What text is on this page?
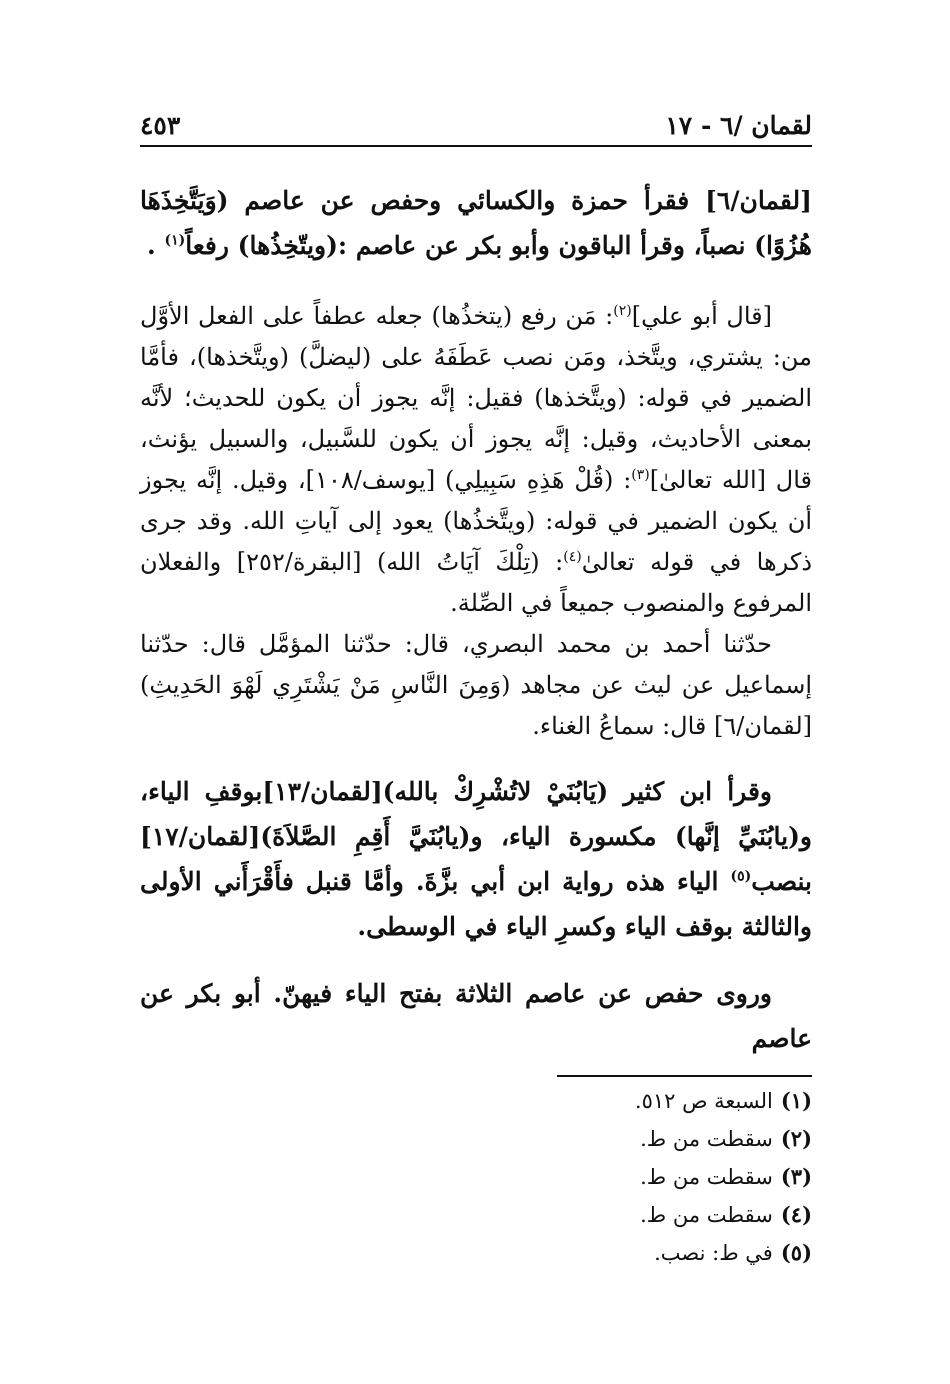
لقمان /٦ - ١٧
٤٥٣

[لقمان/٦] فقرأ حمزة والكسائي وحفص عن عاصم (وَيَتَّخِذَهَا هُزُوًا) نصباً، وقرأ الباقون وأبو بكر عن عاصم :(ويتّخِذُها) رفعاً$^{(١)}$ .

[قال أبو علي]$^{(٢)}$: مَن رفع (يتخذُها) جعله عطفاً على الفعل الأوَّل من: يشتري، ويتَّخذ، ومَن نصب عَطَفَهُ على (ليضلَّ) (ويتَّخذها)، فأمَّا الضمير في قوله: (ويتَّخذها) فقيل: إنَّه يجوز أن يكون للحديث؛ لأنَّه بمعنى الأحاديث، وقيل: إنَّه يجوز أن يكون للسَّبيل، والسبيل يؤنث، قال [الله تعالىٰ]$^{(٣)}$: (قُلْ هَذِهِ سَبِيلِي) [يوسف/١٠٨]، وقيل. إنَّه يجوز أن يكون الضمير في قوله: (ويتَّخذُها) يعود إلى آياتِ الله. وقد جرى ذكرها في قوله تعالىٰ$^{(٤)}$: (تِلْكَ آيَاتُ الله) [البقرة/٢٥٢] والفعلان المرفوع والمنصوب جميعاً في الصِّلة.

حدّثنا أحمد بن محمد البصري، قال: حدّثنا المؤمَّل قال: حدّثنا إسماعيل عن ليث عن مجاهد (وَمِنَ النَّاسِ مَنْ يَشْتَرِي لَهْوَ الحَدِيثِ) [لقمان/٦] قال: سماعُ الغناء.

وقرأ ابن كثير (يَابُنَيْ لاتُشْرِكْ بالله)[لقمان/١٣]بوقفِ الياء، و(يابُنَيِّ إنَّها) مكسورة الياء، و(يابُنَيَّ أَقِمِ الصَّلاَةَ)[لقمان/١٧] بنصب$^{(٥)}$ الياء هذه رواية ابن أبي بزَّةَ. وأمَّا قنبل فأَقْرَأَني الأولى والثالثة بوقف الياء وكسرِ الياء في الوسطى.

وروى حفص عن عاصم الثلاثة بفتح الياء فيهنّ. أبو بكر عن عاصم

(١)السبعة ص ٥١٢.
(٢)سقطت من ط.
(٣)سقطت من ط.
(٤)سقطت من ط.
(٥)في ط: نصب.
